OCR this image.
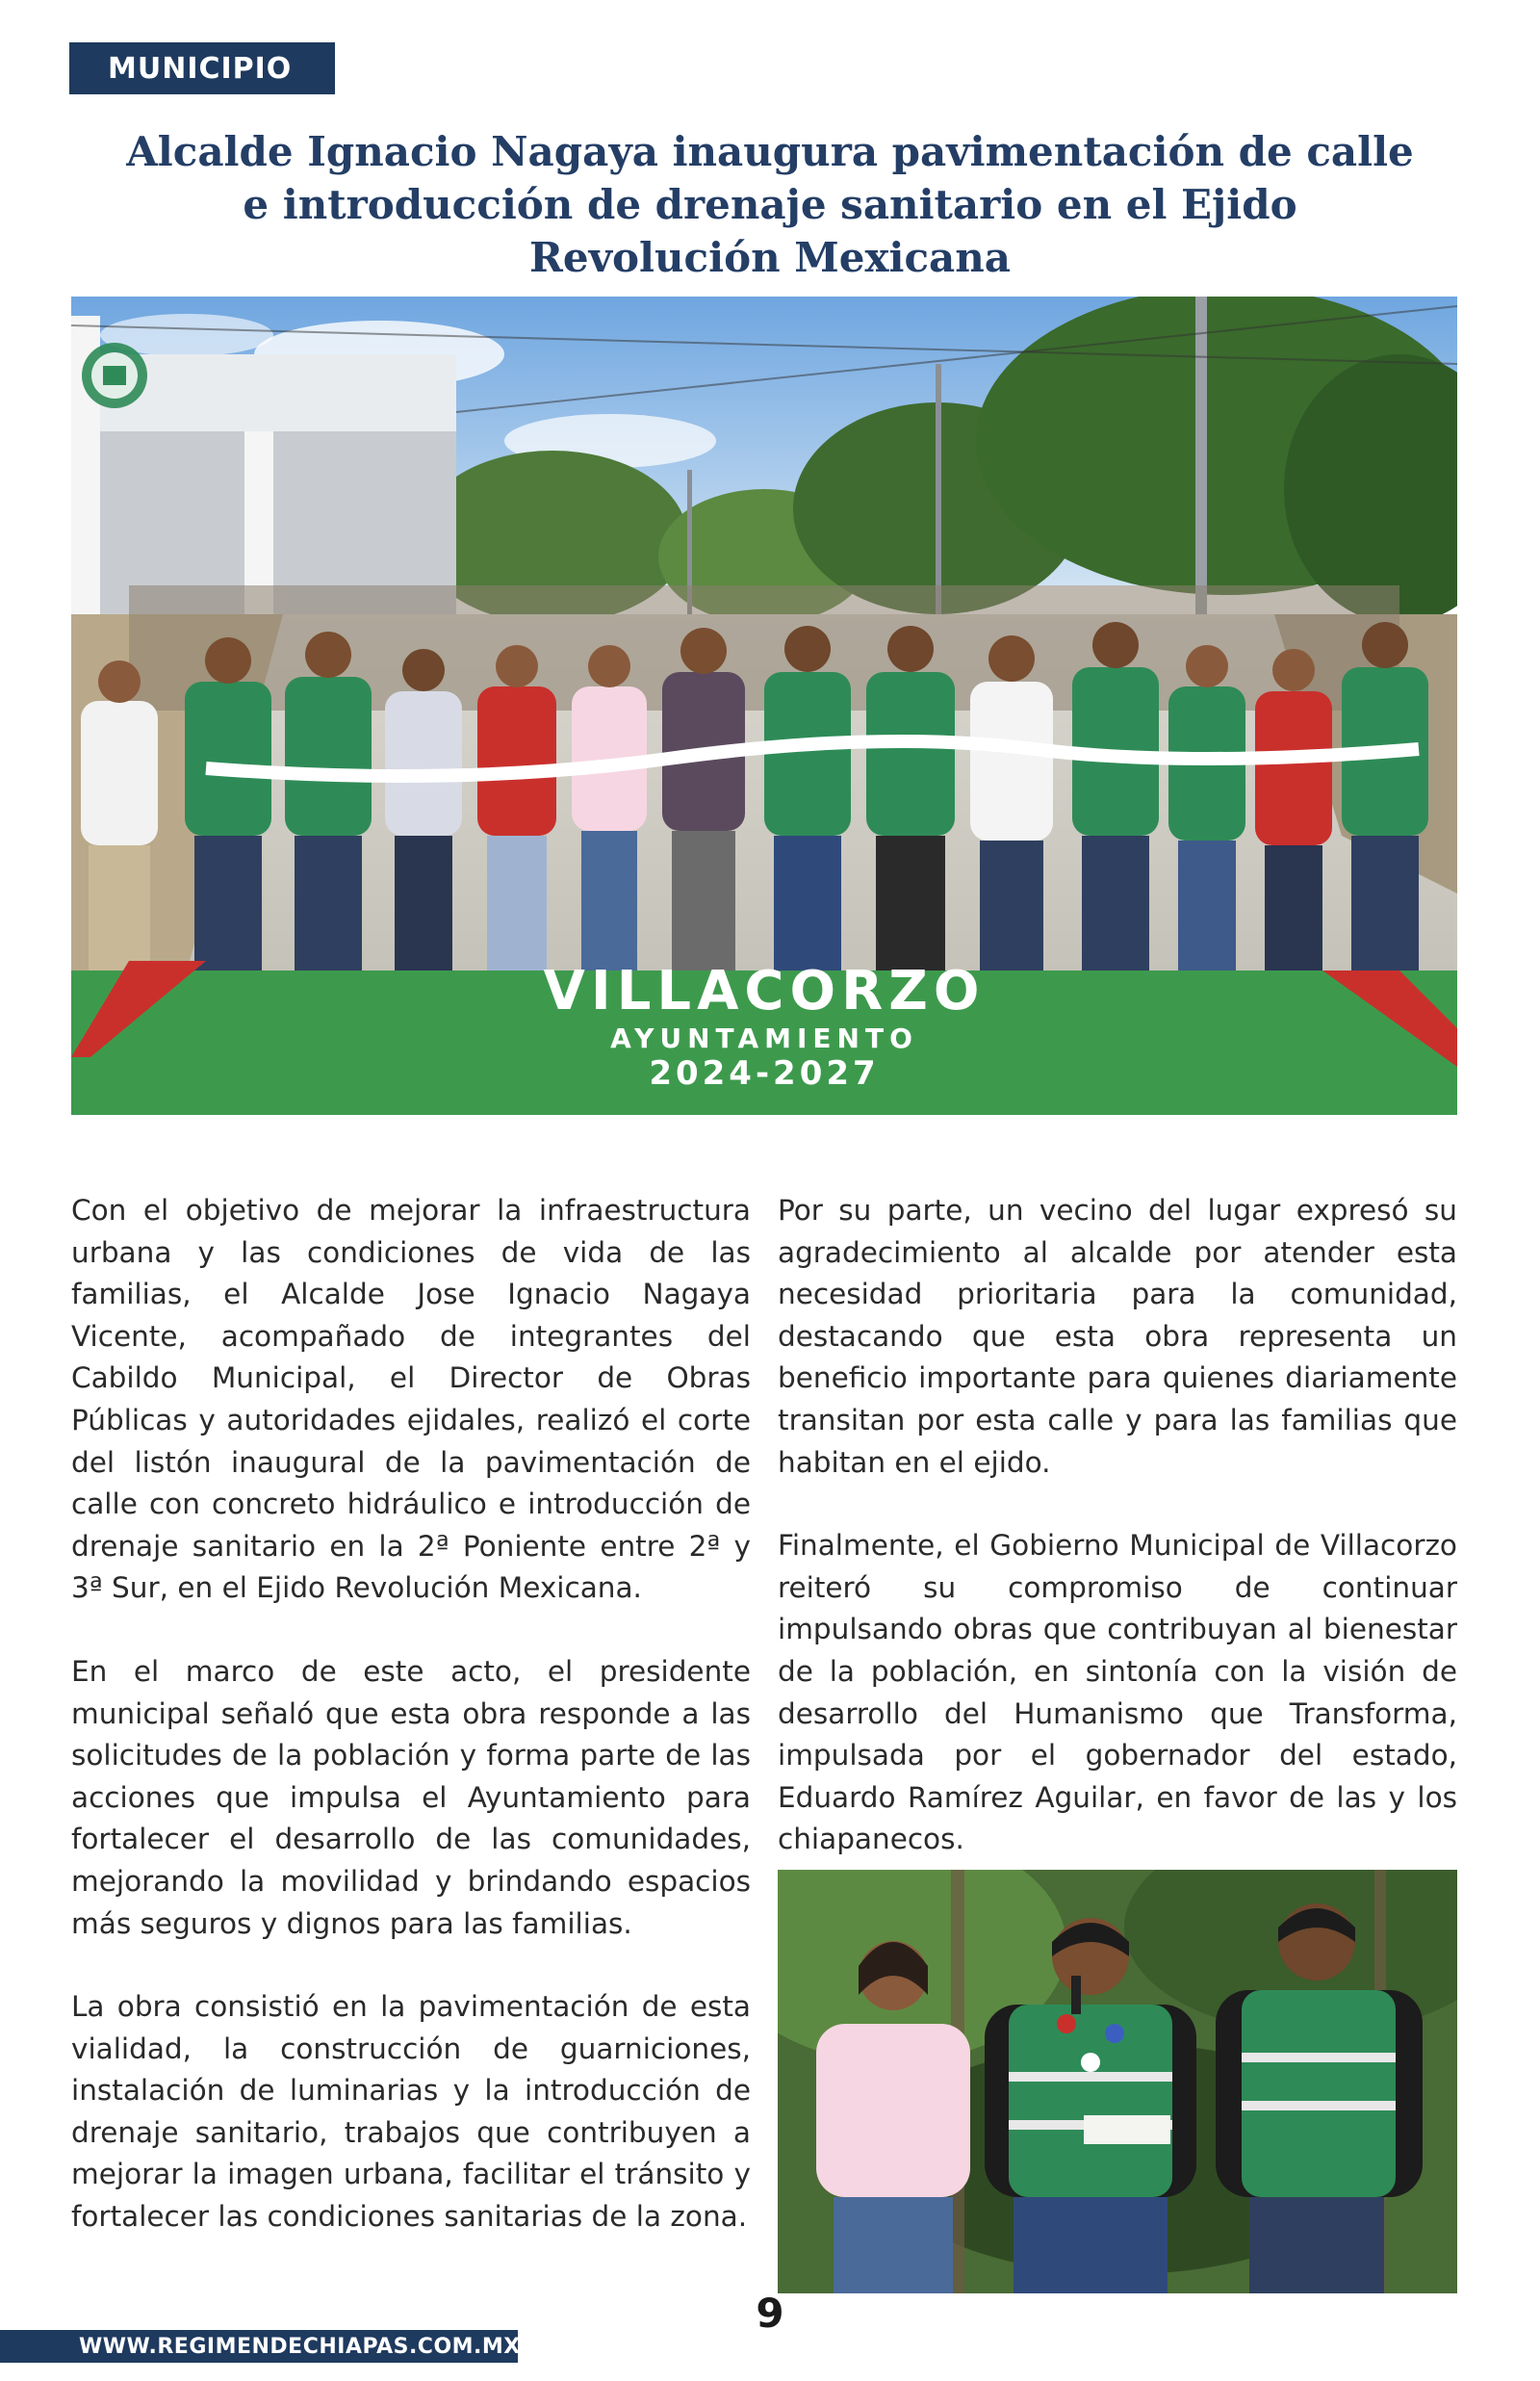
MUNICIPIO
Alcalde Ignacio Nagaya inaugura pavimentación de calle e introducción de drenaje sanitario en el Ejido Revolución Mexicana
VILLACORZO
AYUNTAMIENTO
2024-2027

Con el objetivo de mejorar la infraestructura urbana y las condiciones de vida de las familias, el Alcalde Jose Ignacio Nagaya Vicente, acompañado de integrantes del Cabildo Municipal, el Director de Obras Públicas y autoridades ejidales, realizó el corte del listón inaugural de la pavimentación de calle con concreto hidráulico e introducción de drenaje sanitario en la 2ª Poniente entre 2ª y 3ª Sur, en el Ejido Revolución Mexicana.

En el marco de este acto, el presidente municipal señaló que esta obra responde a las solicitudes de la población y forma parte de las acciones que impulsa el Ayuntamiento para fortalecer el desarrollo de las comunidades, mejorando la movilidad y brindando espacios más seguros y dignos para las familias.

La obra consistió en la pavimentación de esta vialidad, la construcción de guarniciones, instalación de luminarias y la introducción de drenaje sanitario, trabajos que contribuyen a mejorar la imagen urbana, facilitar el tránsito y fortalecer las condiciones sanitarias de la zona.

Por su parte, un vecino del lugar expresó su agradecimiento al alcalde por atender esta necesidad prioritaria para la comunidad, destacando que esta obra representa un beneficio importante para quienes diariamente transitan por esta calle y para las familias que habitan en el ejido.

Finalmente, el Gobierno Municipal de Villacorzo reiteró su compromiso de continuar impulsando obras que contribuyan al bienestar de la población, en sintonía con la visión de desarrollo del Humanismo que Transforma, impulsada por el gobernador del estado, Eduardo Ramírez Aguilar, en favor de las y los chiapanecos.

9
WWW.REGIMENDECHIAPAS.COM.MX
